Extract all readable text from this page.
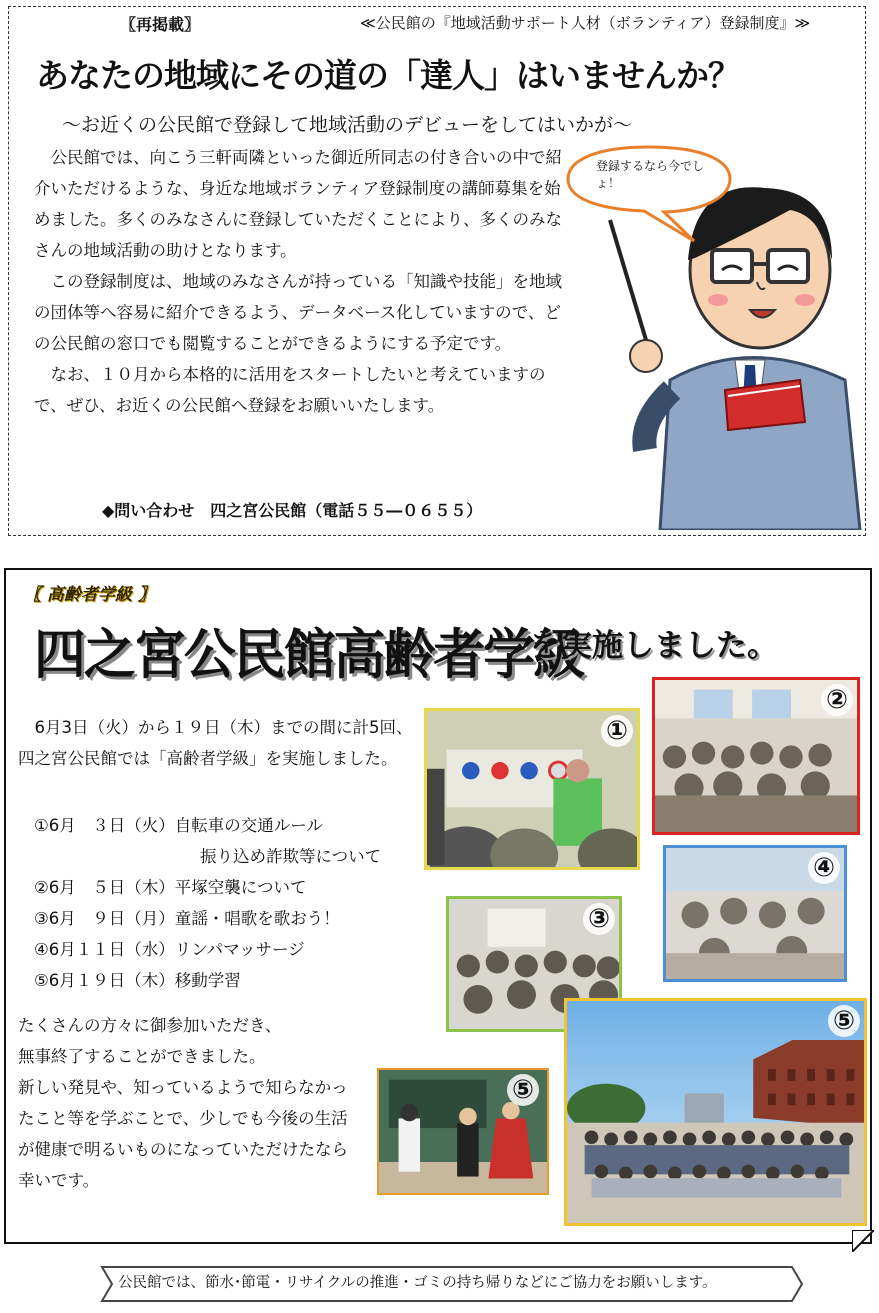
〖再掲載〗	≪公民館の『地域活動サポート人材（ボランティア）登録制度』≫
あなたの地域にその道の「達人」はいませんか？
～お近くの公民館で登録して地域活動のデビューをしてはいかが～

公民館では、向こう三軒両隣といった御近所同志の付き合いの中で紹介いただけるような、身近な地域ボランティア登録制度の講師募集を始めました。多くのみなさんに登録していただくことにより、多くのみなさんの地域活動の助けとなります。

この登録制度は、地域のみなさんが持っている「知識や技能」を地域の団体等へ容易に紹介できるよう、データベース化していますので、どの公民館の窓口でも閲覧することができるようにする予定です。

なお、１０月から本格的に活用をスタートしたいと考えていますので、ぜひ、お近くの公民館へ登録をお願いいたします。

◆問い合わせ　四之宮公民館（電話５５―０６５５）
登録するなら今でしょ！
〖 高齢者学級 〗
四之宮公民館高齢者学級
を実施しました。

6月3日（火）から１９日（木）までの間に計5回、四之宮公民館では「高齢者学級」を実施しました。

①6月　３日（火）自転車の交通ルール
振り込め詐欺等について
②6月　５日（木）平塚空襲について
③6月　９日（月）童謡・唱歌を歌おう！
④6月１１日（水）リンパマッサージ
⑤6月１９日（木）移動学習

たくさんの方々に御参加いただき、

無事終了することができました。

新しい発見や、知っているようで知らなかったこと等を学ぶことで、少しでも今後の生活が健康で明るいものになっていただけたなら幸いです。

①
②
③
④
⑤
⑤
公民館では、節水･節電・リサイクルの推進・ゴミの持ち帰りなどにご協力をお願いします。
